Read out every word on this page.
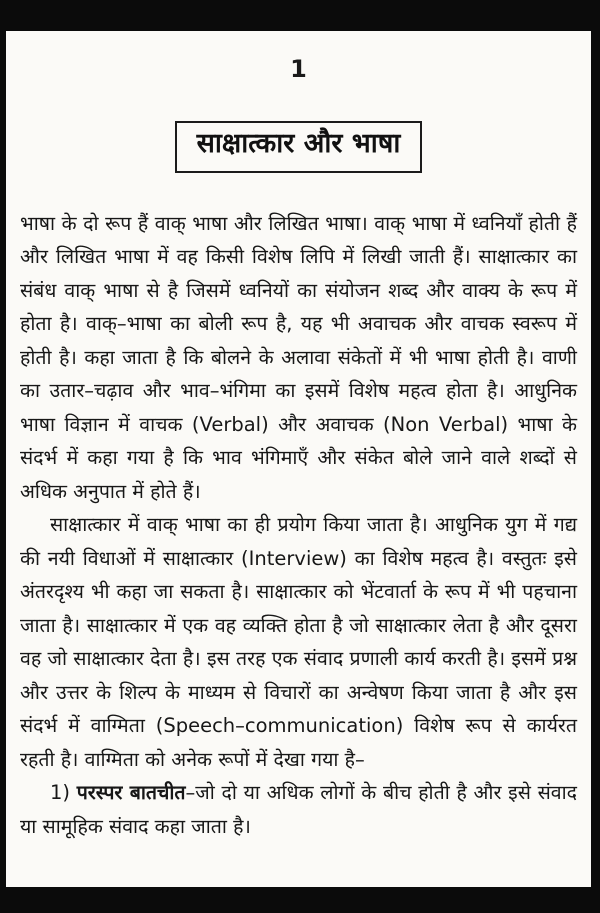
1
साक्षात्कार और भाषा

भाषा के दो रूप हैं वाक् भाषा और लिखित भाषा। वाक् भाषा में ध्वनियाँ होती हैं और लिखित भाषा में वह किसी विशेष लिपि में लिखी जाती हैं। साक्षात्कार का संबंध वाक् भाषा से है जिसमें ध्वनियों का संयोजन शब्द और वाक्य के रूप में होता है। वाक्–भाषा का बोली रूप है, यह भी अवाचक और वाचक स्वरूप में होती है। कहा जाता है कि बोलने के अलावा संकेतों में भी भाषा होती है। वाणी का उतार–चढ़ाव और भाव–भंगिमा का इसमें विशेष महत्व होता है। आधुनिक भाषा विज्ञान में वाचक (Verbal) और अवाचक (Non Verbal) भाषा के संदर्भ में कहा गया है कि भाव भंगिमाएँ और संकेत बोले जाने वाले शब्दों से अधिक अनुपात में होते हैं।

साक्षात्कार में वाक् भाषा का ही प्रयोग किया जाता है। आधुनिक युग में गद्य की नयी विधाओं में साक्षात्कार (Interview) का विशेष महत्व है। वस्तुतः इसे अंतरदृश्य भी कहा जा सकता है। साक्षात्कार को भेंटवार्ता के रूप में भी पहचाना जाता है। साक्षात्कार में एक वह व्यक्ति होता है जो साक्षात्कार लेता है और दूसरा वह जो साक्षात्कार देता है। इस तरह एक संवाद प्रणाली कार्य करती है। इसमें प्रश्न और उत्तर के शिल्प के माध्यम से विचारों का अन्वेषण किया जाता है और इस संदर्भ में वाग्मिता (Speech–communication) विशेष रूप से कार्यरत रहती है। वाग्मिता को अनेक रूपों में देखा गया है–

1) परस्पर बातचीत–जो दो या अधिक लोगों के बीच होती है और इसे संवाद या सामूहिक संवाद कहा जाता है।
